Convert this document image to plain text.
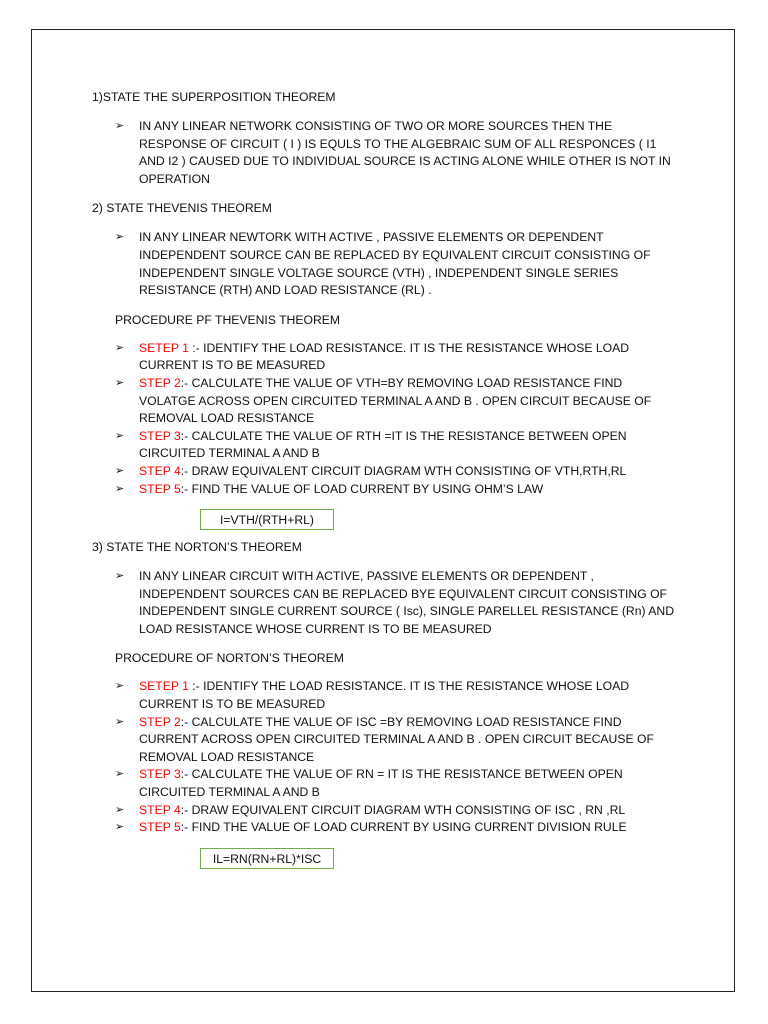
1)STATE THE SUPERPOSITION THEOREM

➢ IN ANY LINEAR NETWORK CONSISTING OF TWO OR MORE SOURCES THEN THE RESPONSE OF CIRCUIT ( I ) IS EQULS TO THE ALGEBRAIC SUM OF ALL RESPONCES ( I1 AND I2 ) CAUSED DUE TO INDIVIDUAL SOURCE IS ACTING ALONE WHILE OTHER IS NOT IN OPERATION

2) STATE THEVENIS THEOREM

➢ IN ANY LINEAR NEWTORK WITH ACTIVE , PASSIVE ELEMENTS OR DEPENDENT INDEPENDENT SOURCE CAN BE REPLACED BY EQUIVALENT CIRCUIT CONSISTING OF INDEPENDENT SINGLE VOLTAGE SOURCE (VTH) , INDEPENDENT SINGLE SERIES RESISTANCE (RTH) AND LOAD RESISTANCE (RL) .

PROCEDURE PF THEVENIS THEOREM

➢ SETEP 1 :- IDENTIFY THE LOAD RESISTANCE. IT IS THE RESISTANCE WHOSE LOAD CURRENT IS TO BE MEASURED
➢ STEP 2:- CALCULATE THE VALUE OF VTH=BY REMOVING LOAD RESISTANCE FIND VOLATGE ACROSS OPEN CIRCUITED TERMINAL A AND B . OPEN CIRCUIT BECAUSE OF REMOVAL LOAD RESISTANCE
➢ STEP 3:- CALCULATE THE VALUE OF RTH =IT IS THE RESISTANCE BETWEEN OPEN CIRCUITED TERMINAL A AND B
➢ STEP 4:- DRAW EQUIVALENT CIRCUIT DIAGRAM WTH CONSISTING OF VTH,RTH,RL
➢ STEP 5:- FIND THE VALUE OF LOAD CURRENT BY USING OHM’S LAW
I=VTH/(RTH+RL)

3) STATE THE NORTON’S THEOREM

➢ IN ANY LINEAR CIRCUIT WITH ACTIVE, PASSIVE ELEMENTS OR DEPENDENT , INDEPENDENT SOURCES CAN BE REPLACED BYE EQUIVALENT CIRCUIT CONSISTING OF INDEPENDENT SINGLE CURRENT SOURCE ( Isc), SINGLE PARELLEL RESISTANCE (Rn) AND LOAD RESISTANCE WHOSE CURRENT IS TO BE MEASURED

PROCEDURE OF NORTON’S THEOREM

➢ SETEP 1 :- IDENTIFY THE LOAD RESISTANCE. IT IS THE RESISTANCE WHOSE LOAD CURRENT IS TO BE MEASURED
➢ STEP 2:- CALCULATE THE VALUE OF ISC =BY REMOVING LOAD RESISTANCE FIND CURRENT ACROSS OPEN CIRCUITED TERMINAL A AND B . OPEN CIRCUIT BECAUSE OF REMOVAL LOAD RESISTANCE
➢ STEP 3:- CALCULATE THE VALUE OF RN = IT IS THE RESISTANCE BETWEEN OPEN CIRCUITED TERMINAL A AND B
➢ STEP 4:- DRAW EQUIVALENT CIRCUIT DIAGRAM WTH CONSISTING OF ISC , RN ,RL
➢ STEP 5:- FIND THE VALUE OF LOAD CURRENT BY USING CURRENT DIVISION RULE
IL=RN(RN+RL)*ISC
